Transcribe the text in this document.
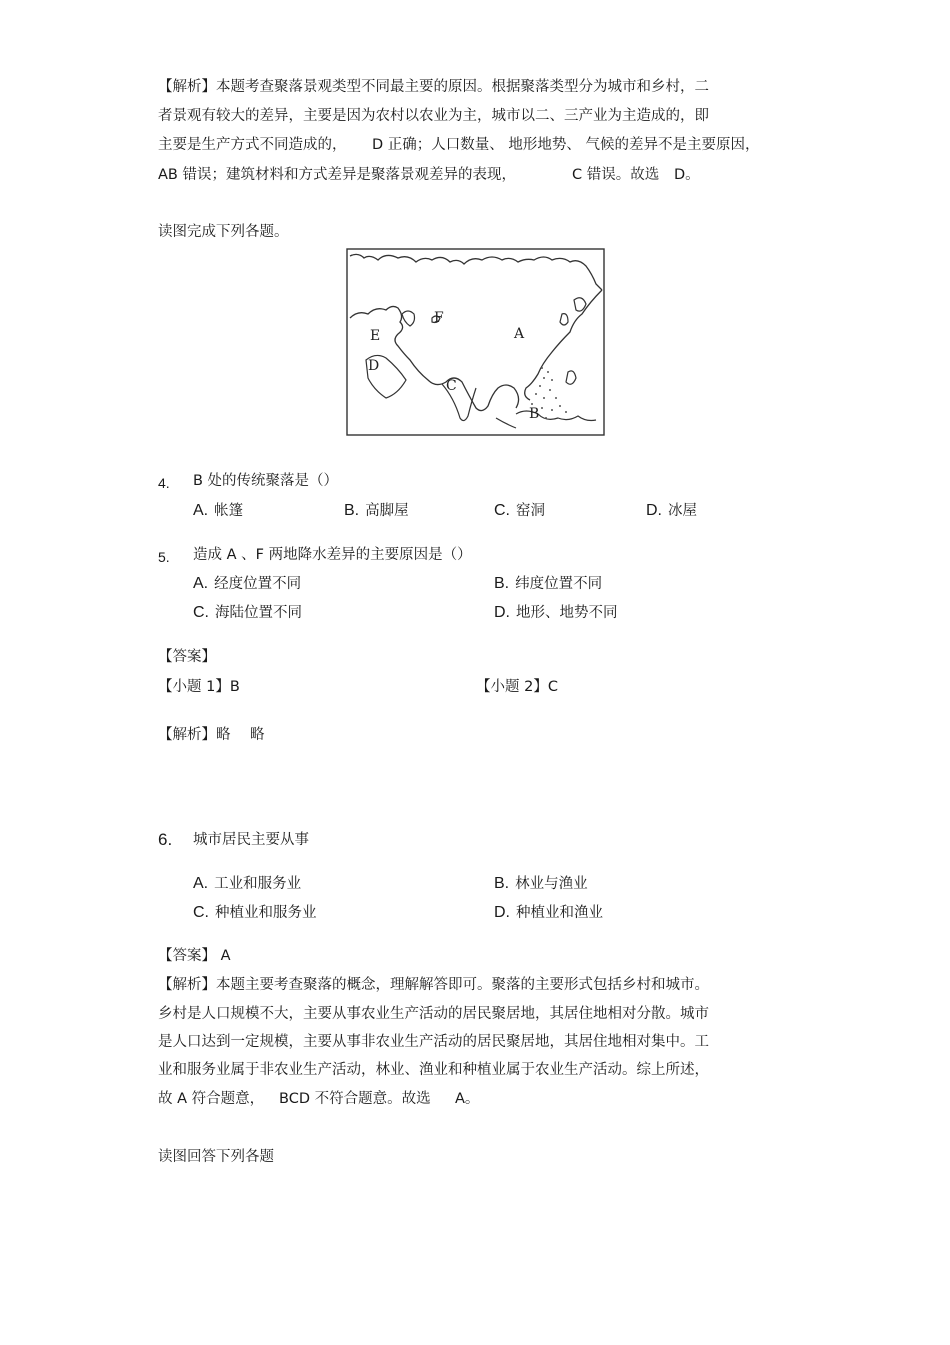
【解析】本题考查聚落景观类型不同最主要的原因。根据聚落类型分为城市和乡村，二
者景观有较大的差异，主要是因为农村以农业为主，城市以二、三产业为主造成的，即
主要是生产方式不同造成的， D 正确；人口数量、 地形地势、 气候的差异不是主要原因，
AB 错误；建筑材料和方式差异是聚落景观差异的表现，	C 错误。故选 D。
读图完成下列各题。
A
B
C
D
E
F
4. B 处的传统聚落是（）
A. 帐篷	B. 高脚屋	C. 窑洞	D. 冰屋
5. 造成 A 、F 两地降水差异的主要原因是（）
A. 经度位置不同	B. 纬度位置不同
C. 海陆位置不同	D. 地形、地势不同
【答案】
【小题 1】B	【小题 2】C
【解析】略 略
6. 城市居民主要从事
A. 工业和服务业	B. 林业与渔业
C. 种植业和服务业	D. 种植业和渔业
【答案】 A
【解析】本题主要考查聚落的概念，理解解答即可。聚落的主要形式包括乡村和城市。
乡村是人口规模不大，主要从事农业生产活动的居民聚居地，其居住地相对分散。城市
是人口达到一定规模，主要从事非农业生产活动的居民聚居地，其居住地相对集中。工
业和服务业属于非农业生产活动，林业、渔业和种植业属于农业生产活动。综上所述，
故 A 符合题意， BCD 不符合题意。故选 A。
读图回答下列各题
